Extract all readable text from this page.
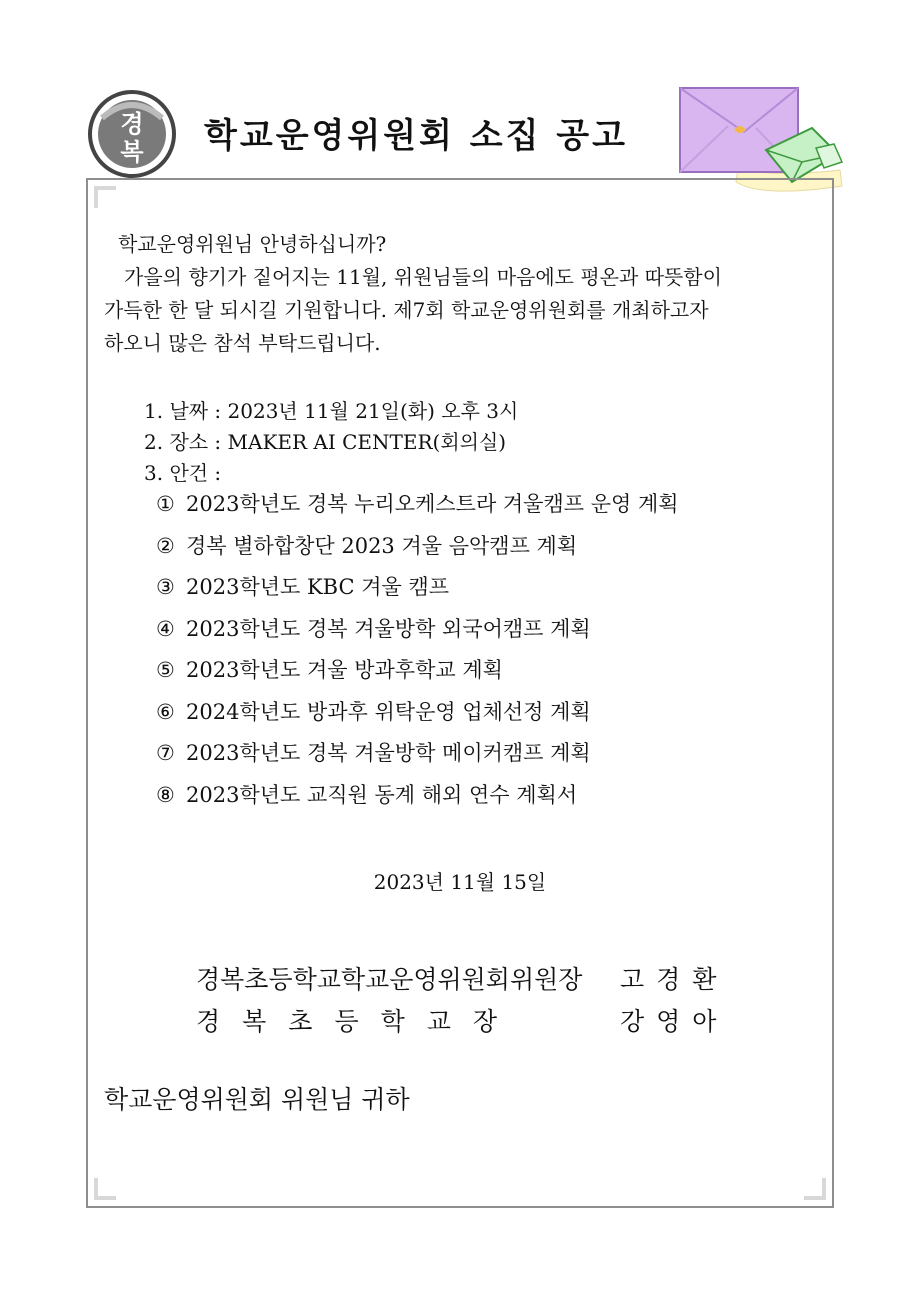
경
복 학교운영위원회 소집 공고

학교운영위원님 안녕하십니까?

가을의 향기가 짙어지는 11월, 위원님들의 마음에도 평온과 따뜻함이

가득한 한 달 되시길 기원합니다. 제7회 학교운영위원회를 개최하고자

하오니 많은 참석 부탁드립니다.

1. 날짜 : 2023년 11월 21일(화) 오후 3시
2. 장소 : MAKER AI CENTER(회의실)
3. 안건 :
① 2023학년도 경복 누리오케스트라 겨울캠프 운영 계획
② 경복 별하합창단 2023 겨울 음악캠프 계획
③ 2023학년도 KBC 겨울 캠프
④ 2023학년도 경복 겨울방학 외국어캠프 계획
⑤ 2023학년도 겨울 방과후학교 계획
⑥ 2024학년도 방과후 위탁운영 업체선정 계획
⑦ 2023학년도 경복 겨울방학 메이커캠프 계획
⑧ 2023학년도 교직원 동계 해외 연수 계획서
2023년 11월 15일
경복초등학교학교운영위원회위원장 고경환
경복초등학교장	강영아
학교운영위원회 위원님 귀하
